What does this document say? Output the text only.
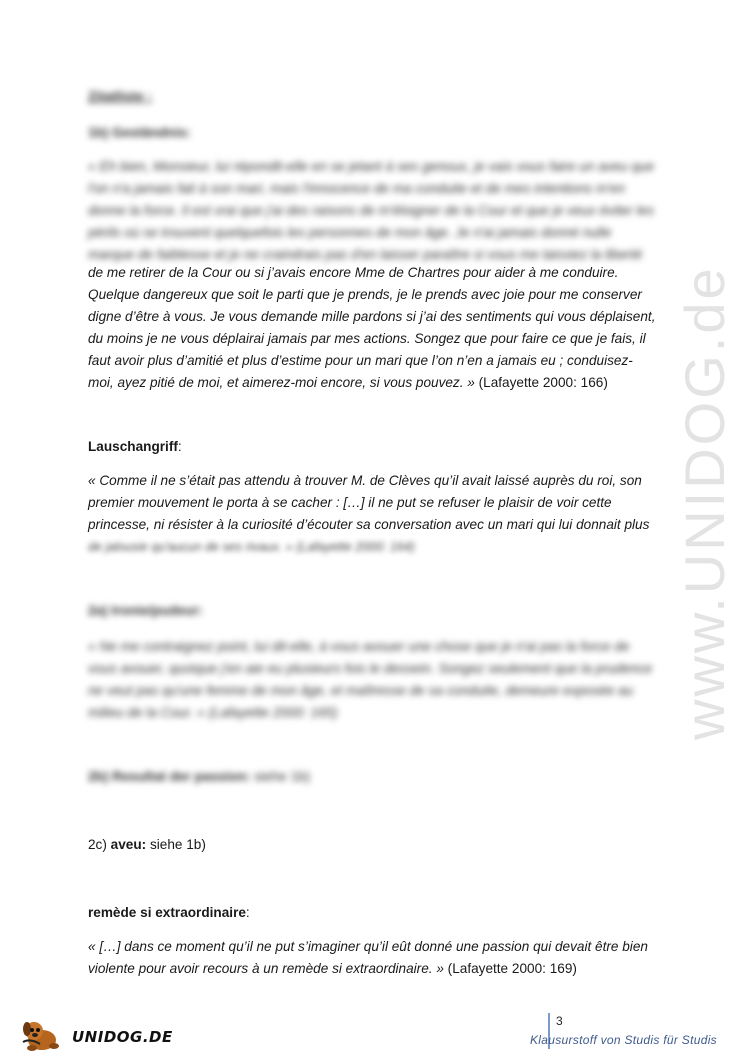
www.UNIDOG.de
Zitatliste :
1b) Geständnis:
« Eh bien, Monsieur, lui répondit-elle en se jetant à ses genoux, je vais vous faire un aveu que
l'on n'a jamais fait à son mari, mais l'innocence de ma conduite et de mes intentions m'en
donne la force. Il est vrai que j'ai des raisons de m'éloigner de la Cour et que je veux éviter les
périls où se trouvent quelquefois les personnes de mon âge. Je n'ai jamais donné nulle
marque de faiblesse et je ne craindrais pas d'en laisser paraître si vous me laissiez la liberté
de me retirer de la Cour ou si j’avais encore Mme de Chartres pour aider à me conduire.
Quelque dangereux que soit le parti que je prends, je le prends avec joie pour me conserver
digne d’être à vous. Je vous demande mille pardons si j’ai des sentiments qui vous déplaisent,
du moins je ne vous déplairai jamais par mes actions. Songez que pour faire ce que je fais, il
faut avoir plus d’amitié et plus d’estime pour un mari que l’on n’en a jamais eu ; conduisez-
moi, ayez pitié de moi, et aimerez-moi encore, si vous pouvez. » (Lafayette 2000: 166)
Lauschangriff:
« Comme il ne s’était pas attendu à trouver M. de Clèves qu’il avait laissé auprès du roi, son
premier mouvement le porta à se cacher : […] il ne put se refuser le plaisir de voir cette
princesse, ni résister à la curiosité d’écouter sa conversation avec un mari qui lui donnait plus
de jalousie qu'aucun de ses rivaux. » (Lafayette 2000: 164)
2a) Ironie/pudeur:
« Ne me contraignez point, lui dit-elle, à vous avouer une chose que je n'ai pas la force de
vous avouer, quoique j'en aie eu plusieurs fois le dessein. Songez seulement que la prudence
ne veut pas qu'une femme de mon âge, et maîtresse de sa conduite, demeure exposée au
milieu de la Cour. » (Lafayette 2000: 165)
2b) Resultat der passion: siehe 1b)
2c) aveu: siehe 1b)
remède si extraordinaire:
« […] dans ce moment qu’il ne put s’imaginer qu’il eût donné une passion qui devait être bien
violente pour avoir recours à un remède si extraordinaire. » (Lafayette 2000: 169)
UNIDOG.DE
3
Klausurstoff von Studis für Studis
